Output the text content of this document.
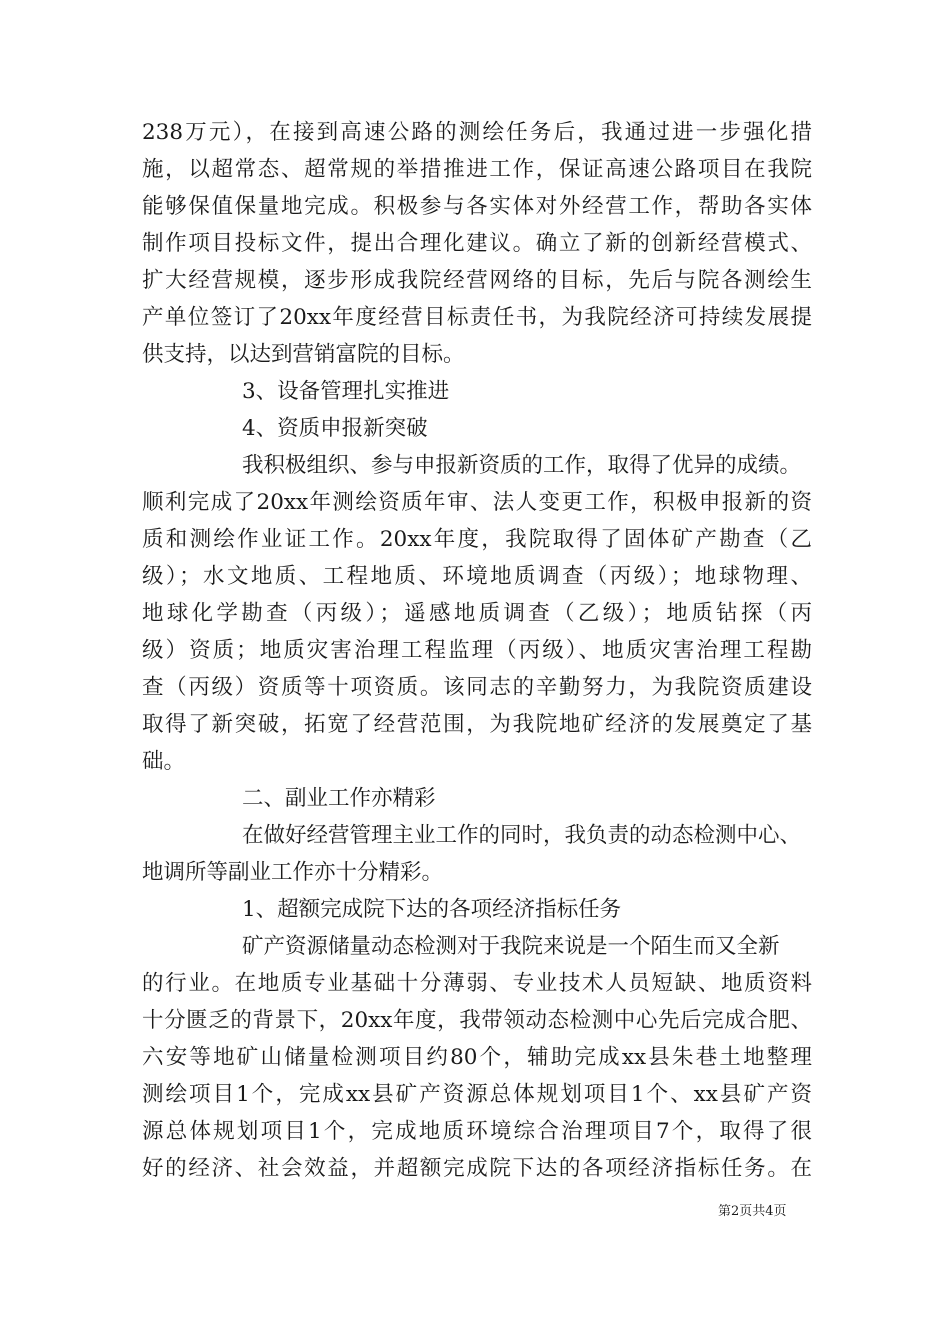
238万元），在接到高速公路的测绘任务后，我通过进一步强化措
施，以超常态、超常规的举措推进工作，保证高速公路项目在我院
能够保值保量地完成。积极参与各实体对外经营工作，帮助各实体
制作项目投标文件，提出合理化建议。确立了新的创新经营模式、
扩大经营规模，逐步形成我院经营网络的目标，先后与院各测绘生
产单位签订了20xx年度经营目标责任书，为我院经济可持续发展提
供支持，以达到营销富院的目标。
3、设备管理扎实推进
4、资质申报新突破
我积极组织、参与申报新资质的工作，取得了优异的成绩。
顺利完成了20xx年测绘资质年审、法人变更工作，积极申报新的资
质和测绘作业证工作。20xx年度，我院取得了固体矿产勘查（乙
级）；水文地质、工程地质、环境地质调查（丙级）；地球物理、
地球化学勘查（丙级）；遥感地质调查（乙级）；地质钻探（丙
级）资质；地质灾害治理工程监理（丙级）、地质灾害治理工程勘
查（丙级）资质等十项资质。该同志的辛勤努力，为我院资质建设
取得了新突破，拓宽了经营范围，为我院地矿经济的发展奠定了基
础。
二、副业工作亦精彩
在做好经营管理主业工作的同时，我负责的动态检测中心、
地调所等副业工作亦十分精彩。
1、超额完成院下达的各项经济指标任务
矿产资源储量动态检测对于我院来说是一个陌生而又全新
的行业。在地质专业基础十分薄弱、专业技术人员短缺、地质资料
十分匮乏的背景下，20xx年度，我带领动态检测中心先后完成合肥、
六安等地矿山储量检测项目约80个，辅助完成xx县朱巷土地整理
测绘项目1个，完成xx县矿产资源总体规划项目1个、xx县矿产资
源总体规划项目1个，完成地质环境综合治理项目7个，取得了很
好的经济、社会效益，并超额完成院下达的各项经济指标任务。在
第2页共4页
